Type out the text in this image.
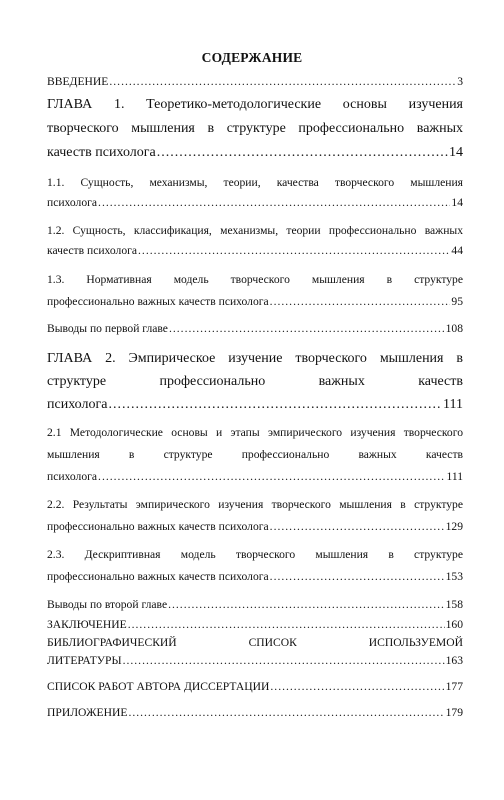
СОДЕРЖАНИЕ
ВВЕДЕНИЕ .....	3
ГЛАВА 1. Теоретико-методологические основы изучения
творческого мышления в структуре профессионально важных
качеств психолога .....	14
1.1. Сущность, механизмы, теории, качества творческого мышления
психолога .....	14
1.2. Сущность, классификация, механизмы, теории профессионально важных
качеств психолога .....	44
1.3. Нормативная модель творческого мышления в структуре
профессионально важных качеств психолога .....	95
Выводы по первой главе .....	108
ГЛАВА 2. Эмпирическое изучение творческого мышления в
структуре профессионально важных качеств
психолога .....	111
2.1 Методологические основы и этапы эмпирического изучения творческого
мышления в структуре профессионально важных качеств
психолога .....	111
2.2. Результаты эмпирического изучения творческого мышления в структуре
профессионально важных качеств психолога .....	129
2.3. Дескриптивная модель творческого мышления в структуре
профессионально важных качеств психолога .....	153
Выводы по второй главе .....	158
ЗАКЛЮЧЕНИЕ .....	160
БИБЛИОГРАФИЧЕСКИЙ СПИСОК ИСПОЛЬЗУЕМОЙ
ЛИТЕРАТУРЫ .....	163
СПИСОК РАБОТ АВТОРА ДИССЕРТАЦИИ .....	177
ПРИЛОЖЕНИЕ .....	179
